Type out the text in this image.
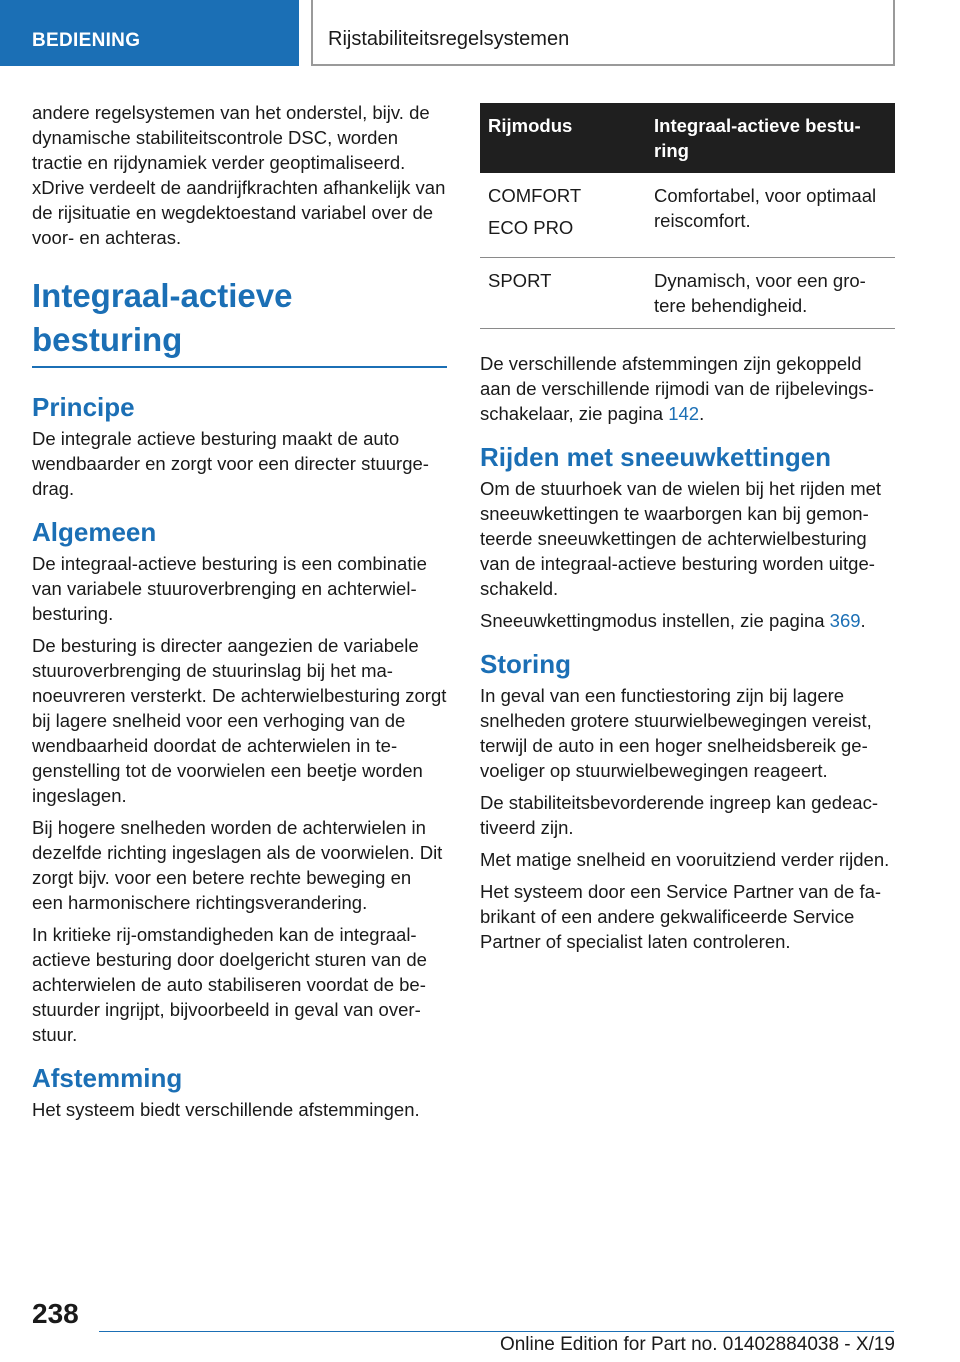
BEDIENING	Rijstabiliteitsregelsystemen

andere regelsystemen van het onderstel, bijv. de dynamische stabiliteitscontrole DSC, worden tractie en rijdynamiek verder geoptimaliseerd. xDrive verdeelt de aandrijfkrachten afhankelijk van de rijsituatie en wegdektoestand variabel over de voor- en achteras.

Integraal-actieve besturing
Principe

De integrale actieve besturing maakt de auto wendbaarder en zorgt voor een directer stuurgedrag.

Algemeen

De integraal-actieve besturing is een combinatie van variabele stuuroverbrenging en achterwielbesturing.

De besturing is directer aangezien de variabele stuuroverbrenging de stuurinslag bij het manoeuvreren versterkt. De achterwielbesturing zorgt bij lagere snelheid voor een verhoging van de wendbaarheid doordat de achterwielen in tegenstelling tot de voorwielen een beetje worden ingeslagen.

Bij hogere snelheden worden de achterwielen in dezelfde richting ingeslagen als de voorwielen. Dit zorgt bijv. voor een betere rechte beweging en een harmonischere richtingsverandering.

In kritieke rij-omstandigheden kan de integraal-actieve besturing door doelgericht sturen van de achterwielen de auto stabiliseren voordat de bestuurder ingrijpt, bijvoorbeeld in geval van overstuur.

Afstemming

Het systeem biedt verschillende afstemmingen.

Rijmodus	Integraal-actieve besturing

COMFORT
ECO PRO	Comfortabel, voor optimaal reiscomfort.

SPORT	Dynamisch, voor een grotere behendigheid.

De verschillende afstemmingen zijn gekoppeld aan de verschillende rijmodi van de rijbelevingsschakelaar, zie pagina 142.

Rijden met sneeuwkettingen

Om de stuurhoek van de wielen bij het rijden met sneeuwkettingen te waarborgen kan bij gemonteerde sneeuwkettingen de achterwielbesturing van de integraal-actieve besturing worden uitgeschakeld.

Sneeuwkettingmodus instellen, zie pagina 369.

Storing

In geval van een functiestoring zijn bij lagere snelheden grotere stuurwielbewegingen vereist, terwijl de auto in een hoger snelheidsbereik gevoeliger op stuurwielbewegingen reageert.

De stabiliteitsbevorderende ingreep kan gedeactiveerd zijn.

Met matige snelheid en vooruitziend verder rijden.

Het systeem door een Service Partner van de fabrikant of een andere gekwalificeerde Service Partner of specialist laten controleren.

238
Online Edition for Part no. 01402884038 - X/19
